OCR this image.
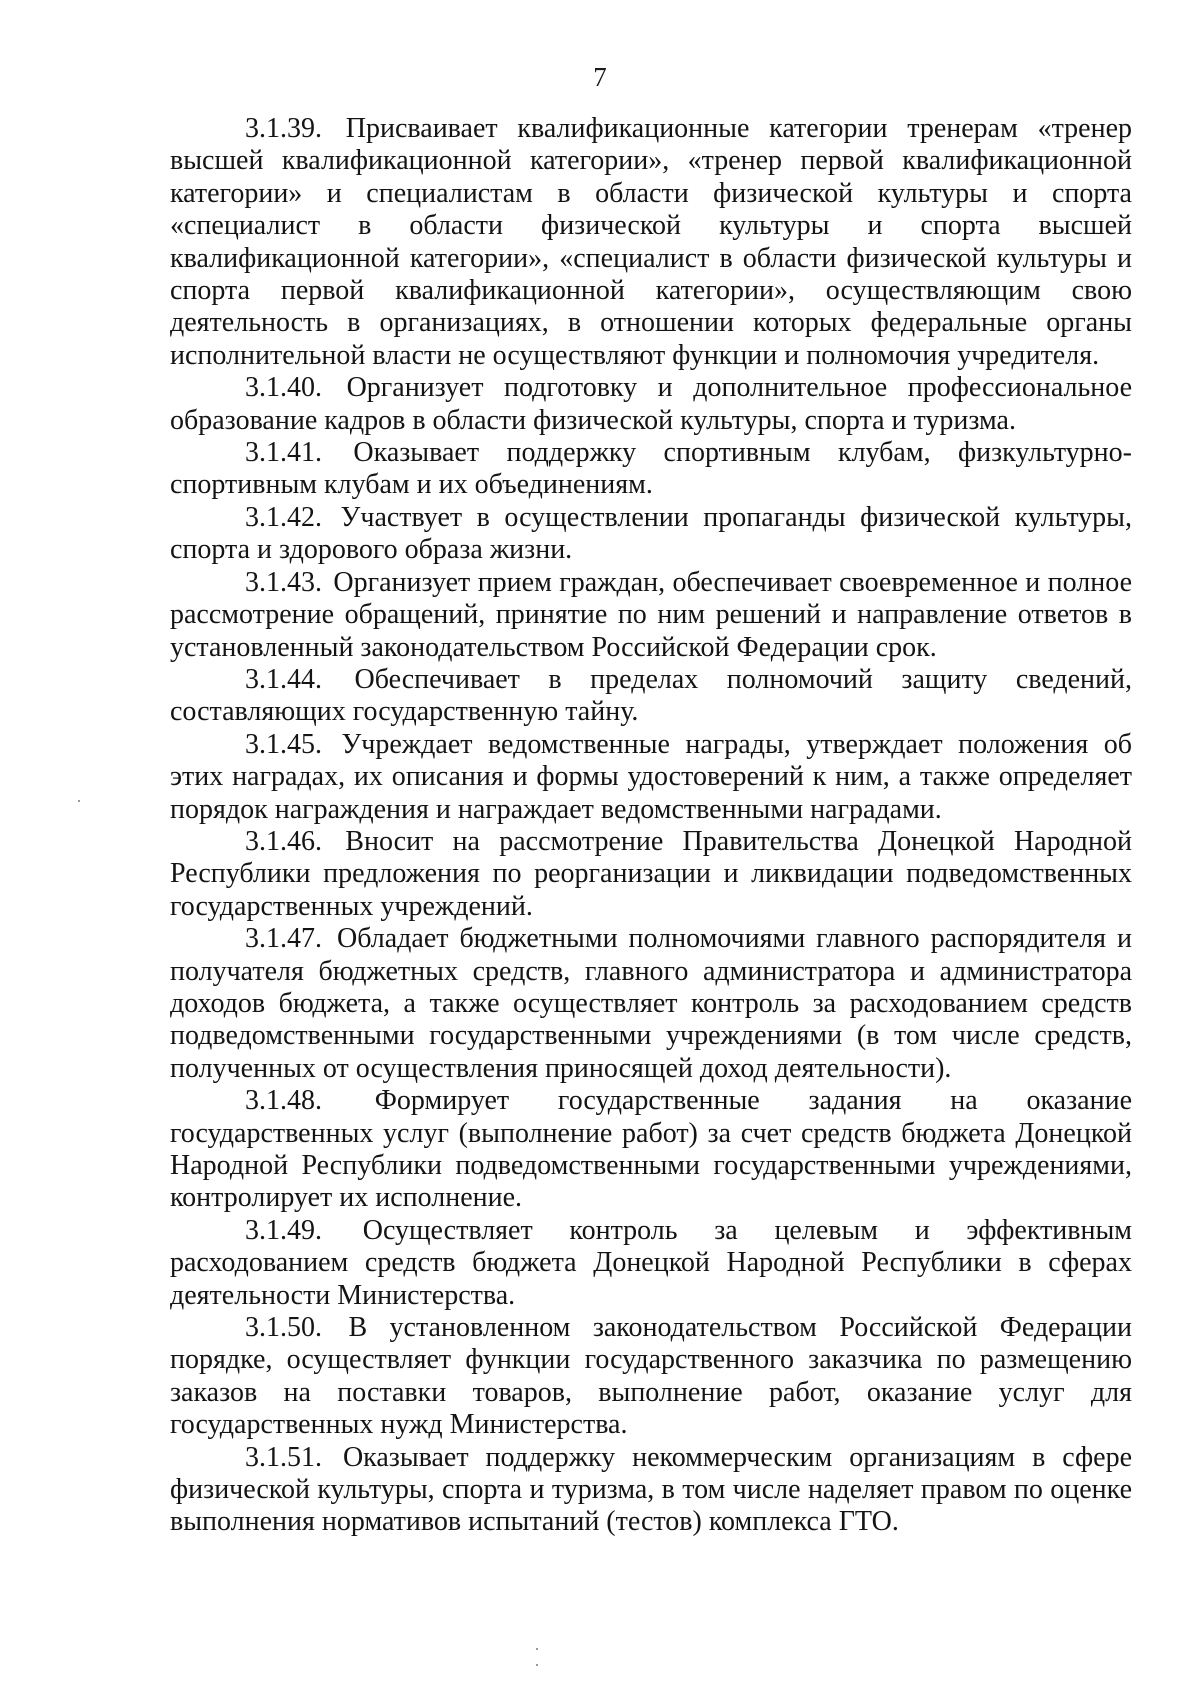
7

3.1.39. Присваивает квалификационные категории тренерам «тренер высшей квалификационной категории», «тренер первой квалификационной категории» и специалистам в области физической культуры и спорта «специалист в области физической культуры и спорта высшей квалификационной категории», «специалист в области физической культуры и спорта первой квалификационной категории», осуществляющим свою деятельность в организациях, в отношении которых федеральные органы исполнительной власти не осуществляют функции и полномочия учредителя.

3.1.40. Организует подготовку и дополнительное профессиональное образование кадров в области физической культуры, спорта и туризма.

3.1.41. Оказывает поддержку спортивным клубам, физкультурно-спортивным клубам и их объединениям.

3.1.42. Участвует в осуществлении пропаганды физической культуры, спорта и здорового образа жизни.

3.1.43. Организует прием граждан, обеспечивает своевременное и полное рассмотрение обращений, принятие по ним решений и направление ответов в установленный законодательством Российской Федерации срок.

3.1.44. Обеспечивает в пределах полномочий защиту сведений, составляющих государственную тайну.

3.1.45. Учреждает ведомственные награды, утверждает положения об этих наградах, их описания и формы удостоверений к ним, а также определяет порядок награждения и награждает ведомственными наградами.

3.1.46. Вносит на рассмотрение Правительства Донецкой Народной Республики предложения по реорганизации и ликвидации подведомственных государственных учреждений.

3.1.47. Обладает бюджетными полномочиями главного распорядителя и получателя бюджетных средств, главного администратора и администратора доходов бюджета, а также осуществляет контроль за расходованием средств подведомственными государственными учреждениями (в том числе средств, полученных от осуществления приносящей доход деятельности).

3.1.48. Формирует государственные задания на оказание государственных услуг (выполнение работ) за счет средств бюджета Донецкой Народной Республики подведомственными государственными учреждениями, контролирует их исполнение.

3.1.49. Осуществляет контроль за целевым и эффективным расходованием средств бюджета Донецкой Народной Республики в сферах деятельности Министерства.

3.1.50. В установленном законодательством Российской Федерации порядке, осуществляет функции государственного заказчика по размещению заказов на поставки товаров, выполнение работ, оказание услуг для государственных нужд Министерства.

3.1.51. Оказывает поддержку некоммерческим организациям в сфере физической культуры, спорта и туризма, в том числе наделяет правом по оценке выполнения нормативов испытаний (тестов) комплекса ГТО.
